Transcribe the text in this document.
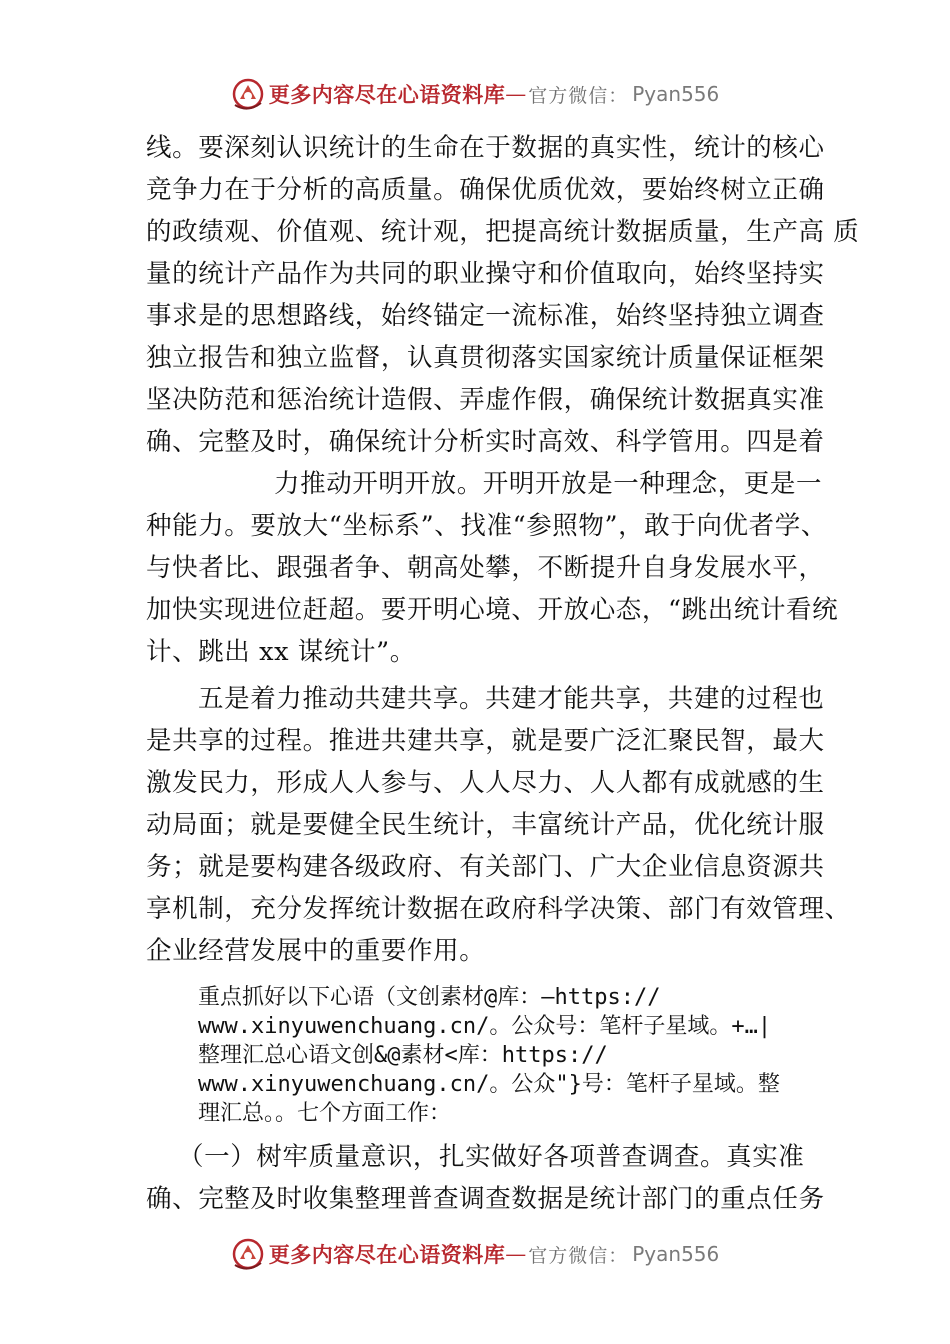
更多内容尽在心语资料库 — 官方微信： Pyan556
线。要深刻认识统计的生命在于数据的真实性，统计的核心
竞争力在于分析的高质量。确保优质优效，要始终树立正确
的政绩观、价值观、统计观，把提高统计数据质量，生产高 质
量的统计产品作为共同的职业操守和价值取向，始终坚持实
事求是的思想路线，始终锚定一流标准，始终坚持独立调查
独立报告和独立监督，认真贯彻落实国家统计质量保证框架
坚决防范和惩治统计造假、弄虚作假，确保统计数据真实准
确、完整及时，确保统计分析实时高效、科学管用。四是着
力推动开明开放。开明开放是一种理念，更是一
种能力。要放大“坐标系”、找准“参照物”，敢于向优者学、
与快者比、跟强者争、朝高处攀，不断提升自身发展水平，
加快实现进位赶超。要开明心境、开放心态，“跳出统计看统
计、跳出 xx 谋统计”。
五是着力推动共建共享。共建才能共享，共建的过程也
是共享的过程。推进共建共享，就是要广泛汇聚民智，最大
激发民力，形成人人参与、人人尽力、人人都有成就感的生
动局面；就是要健全民生统计，丰富统计产品，优化统计服
务；就是要构建各级政府、有关部门、广大企业信息资源共
享机制，充分发挥统计数据在政府科学决策、部门有效管理、
企业经营发展中的重要作用。
重点抓好以下心语（文创素材@库：—https://
www.xinyuwenchuang.cn/。公众号：笔杆子星域。+…|
整理汇总心语文创&@素材<库：https://
www.xinyuwenchuang.cn/。公众"}号：笔杆子星域。整
理汇总。。七个方面工作：
（一）树牢质量意识，扎实做好各项普查调查。真实准
确、完整及时收集整理普查调查数据是统计部门的重点任务
更多内容尽在心语资料库 — 官方微信： Pyan556
